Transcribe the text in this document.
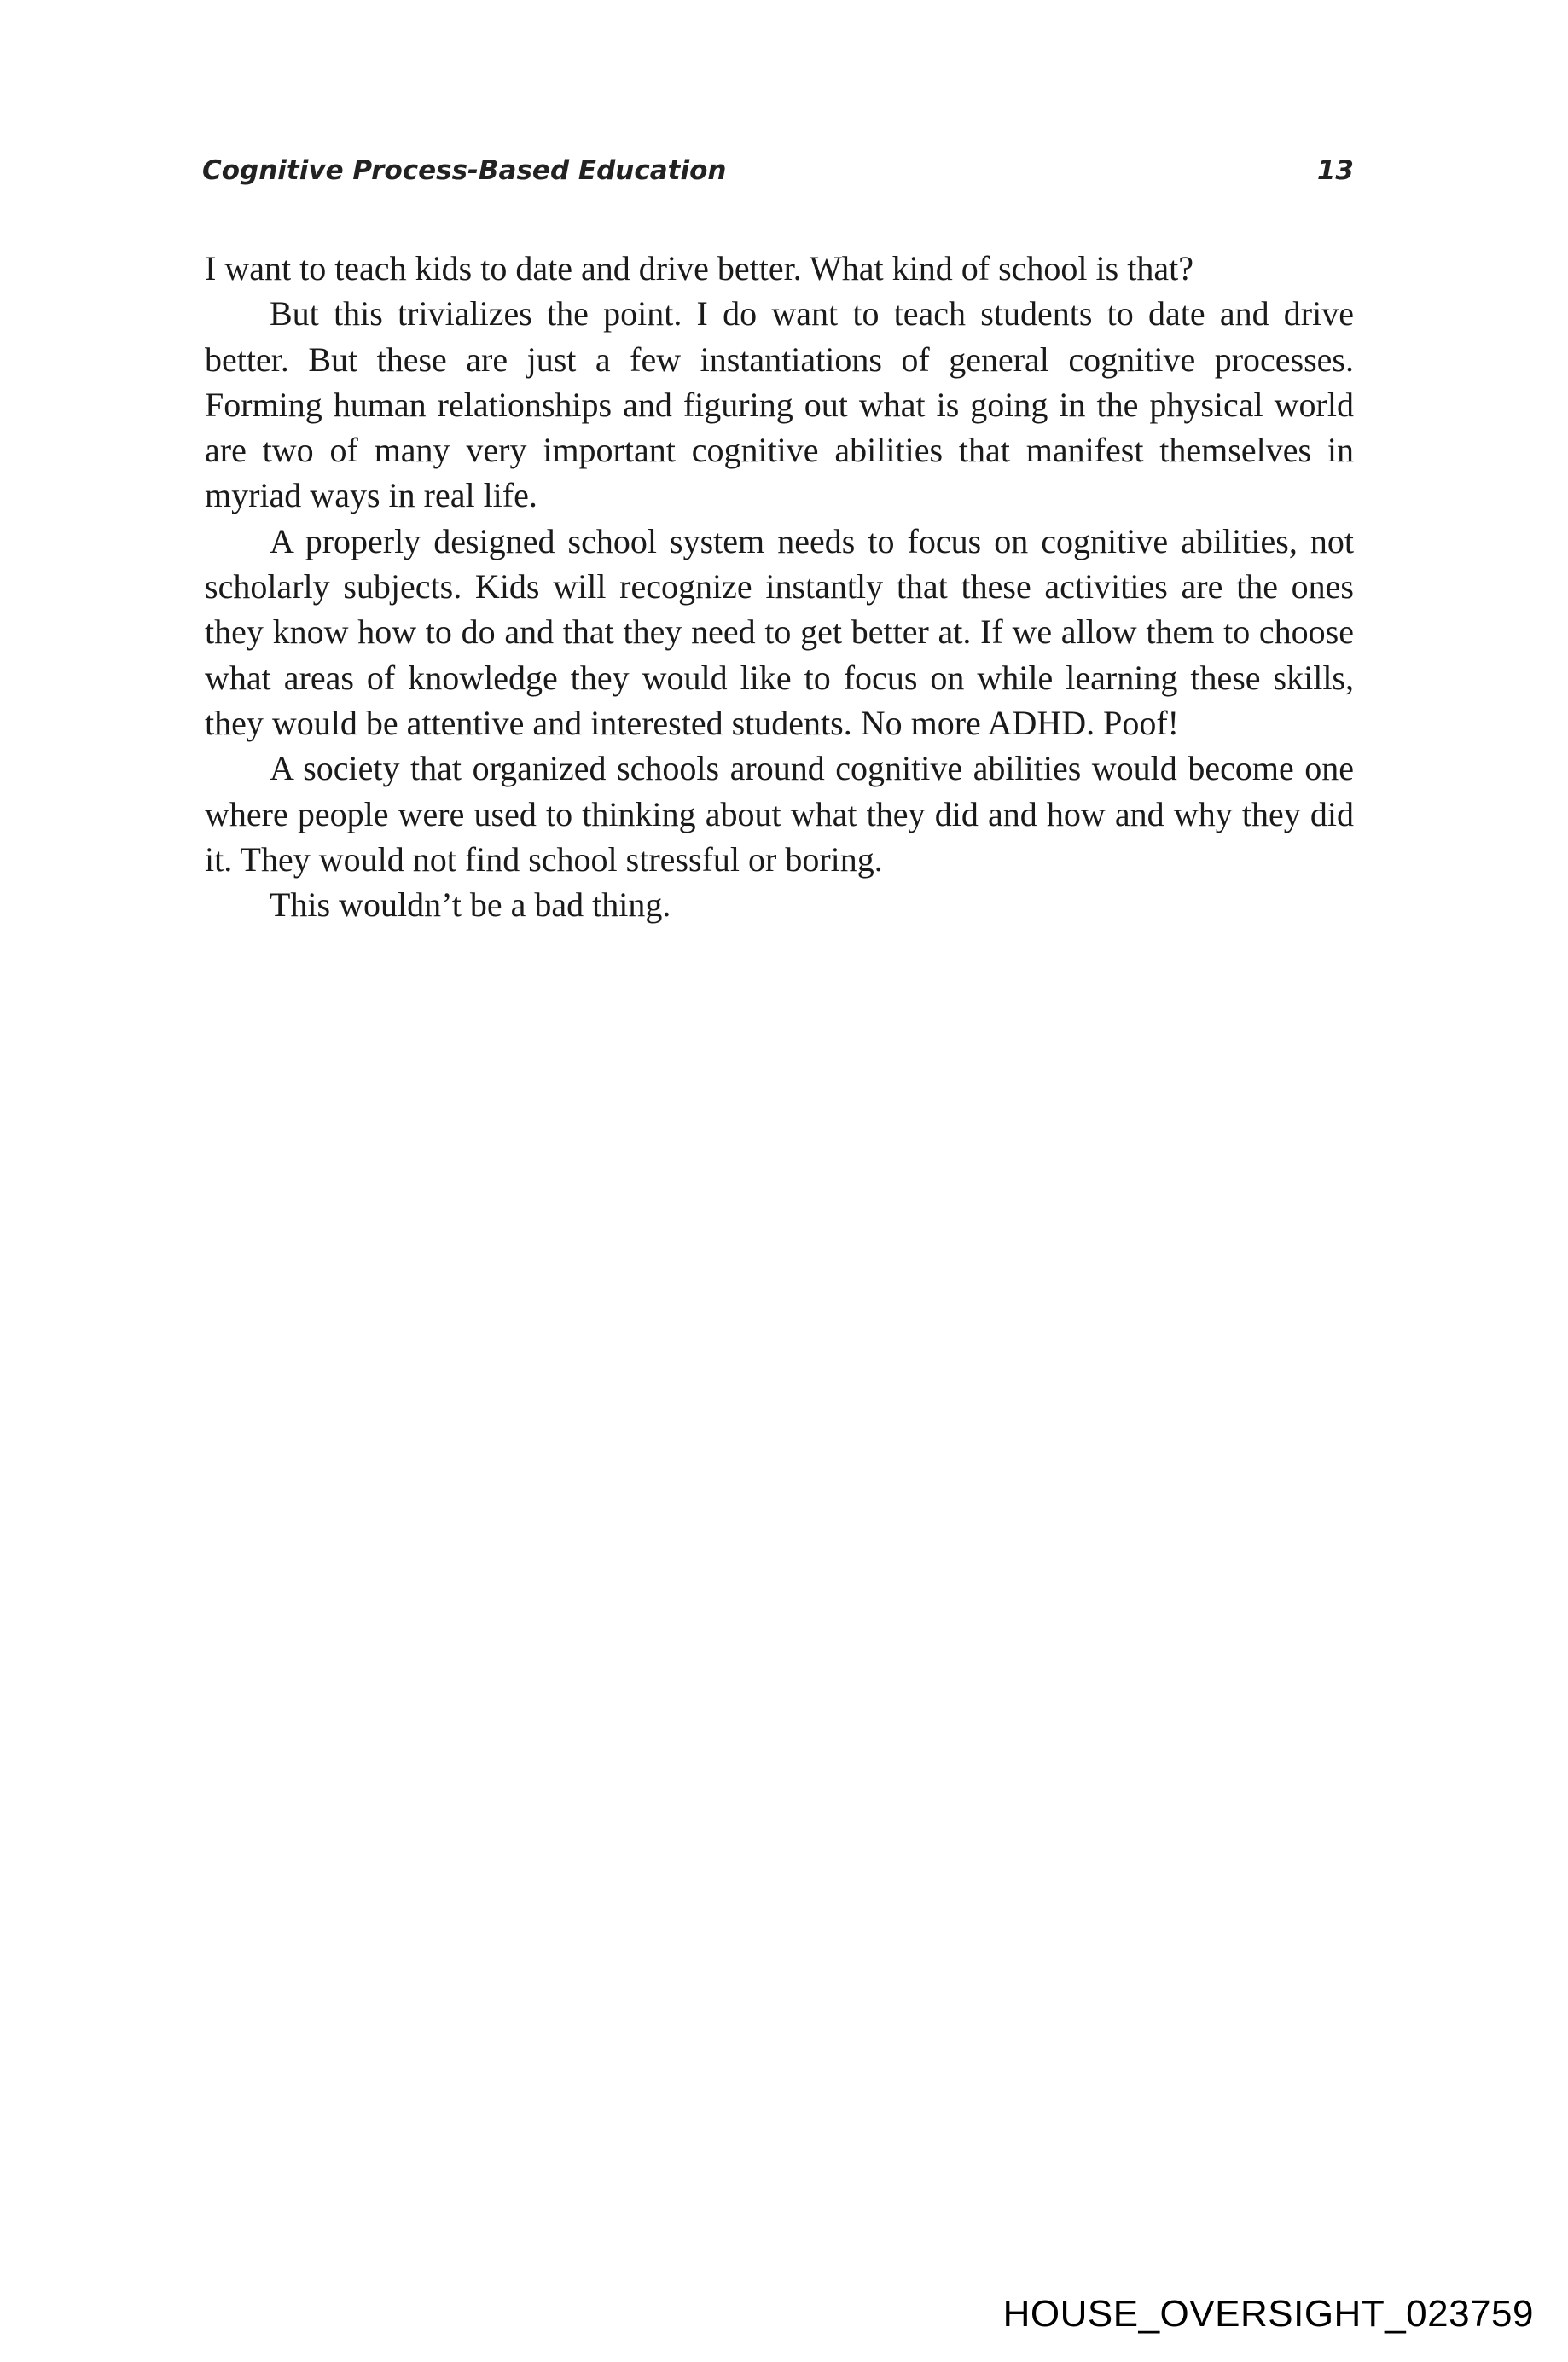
Cognitive Process-Based Education	13

I want to teach kids to date and drive better. What kind of school is that?

But this trivializes the point. I do want to teach students to date and drive better. But these are just a few instantiations of general cognitive processes. Forming human relationships and figuring out what is going in the physical world are two of many very important cognitive abilities that manifest themselves in myriad ways in real life.

A properly designed school system needs to focus on cognitive abilities, not scholarly subjects. Kids will recognize instantly that these activities are the ones they know how to do and that they need to get better at. If we allow them to choose what areas of knowledge they would like to focus on while learning these skills, they would be attentive and interested students. No more ADHD. Poof!

A society that organized schools around cognitive abilities would become one where people were used to thinking about what they did and how and why they did it. They would not find school stressful or boring.

This wouldn’t be a bad thing.

HOUSE_OVERSIGHT_023759
